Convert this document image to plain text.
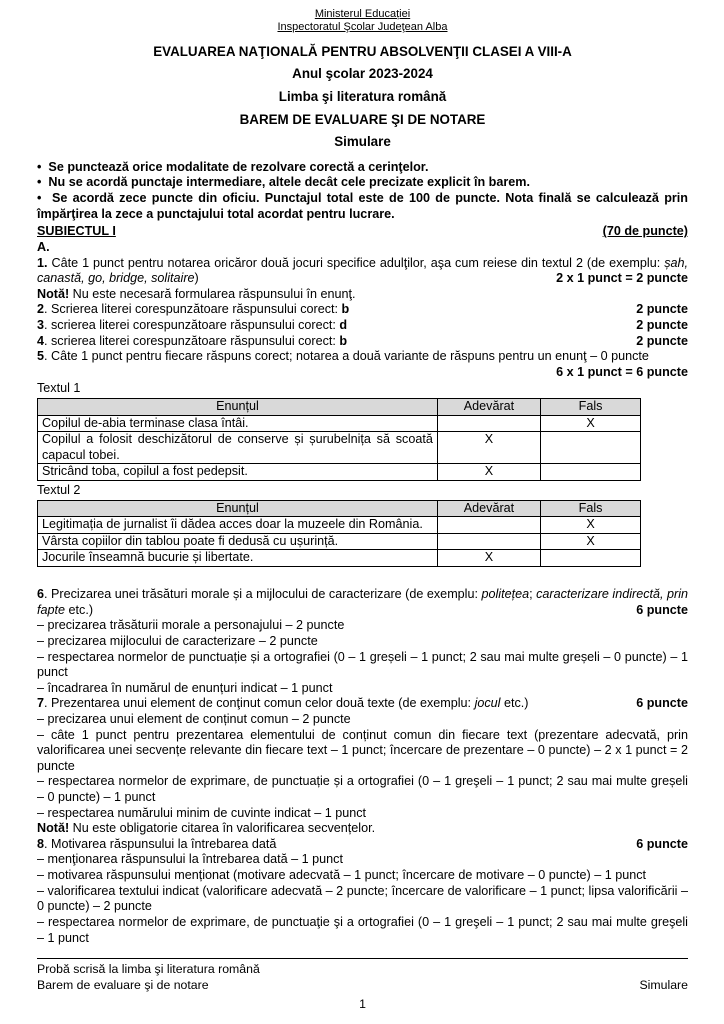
Ministerul Educației
Inspectoratul Şcolar Judeţean Alba
EVALUAREA NAŢIONALĂ PENTRU ABSOLVENŢII CLASEI A VIII-A
Anul şcolar 2023-2024
Limba şi literatura română
BAREM DE EVALUARE ŞI DE NOTARE
Simulare
•  Se punctează orice modalitate de rezolvare corectă a cerinţelor.
•  Nu se acordă punctaje intermediare, altele decât cele precizate explicit în barem.
•  Se acordă zece puncte din oficiu. Punctajul total este de 100 de puncte. Nota finală se calculează prin împărţirea la zece a punctajului total acordat pentru lucrare.
SUBIECTUL I	(70 de puncte)
A.
1. Câte 1 punct pentru notarea oricăror două jocuri specifice adulţilor, aşa cum reiese din textul 2 (de exemplu: șah, canastă, go, bridge, solitaire)	2 x 1 punct = 2 puncte
Notă! Nu este necesară formularea răspunsului în enunţ.
2. Scrierea literei corespunzătoare răspunsului corect: b	2 puncte
3. scrierea literei corespunzătoare răspunsului corect: d	2 puncte
4. scrierea literei corespunzătoare răspunsului corect: b	2 puncte
5. Câte 1 punct pentru fiecare răspuns corect; notarea a două variante de răspuns pentru un enunţ – 0 puncte
6 x 1 punct = 6 puncte
Textul 1
Enunțul	Adevărat	Fals
Copilul de-abia terminase clasa întâi.		X
Copilul a folosit deschizătorul de conserve și șurubelnița să scoată capacul tobei.	X	
Stricând toba, copilul a fost pedepsit.	X	
Textul 2
Enunțul	Adevărat	Fals
Legitimația de jurnalist îi dădea acces doar la muzeele din România.		X
Vârsta copiilor din tablou poate fi dedusă cu ușurință.		X
Jocurile înseamnă bucurie și libertate.	X	
6. Precizarea unei trăsături morale și a mijlocului de caracterizare (de exemplu: politețea; caracterizare indirectă, prin fapte etc.)	6 puncte
– precizarea trăsăturii morale a personajului – 2 puncte
– precizarea mijlocului de caracterizare – 2 puncte
– respectarea normelor de punctuație și a ortografiei (0 – 1 greșeli – 1 punct; 2 sau mai multe greșeli – 0 puncte) – 1 punct
– încadrarea în numărul de enunțuri indicat – 1 punct
7. Prezentarea unui element de conţinut comun celor două texte (de exemplu: jocul etc.)	6 puncte
– precizarea unui element de conținut comun – 2 puncte
– câte 1 punct pentru prezentarea elementului de conținut comun din fiecare text (prezentare adecvată, prin valorificarea unei secvențe relevante din fiecare text – 1 punct; încercare de prezentare – 0 puncte) – 2 x 1 punct = 2 puncte
– respectarea normelor de exprimare, de punctuație și a ortografiei (0 – 1 greşeli – 1 punct; 2 sau mai multe greșeli – 0 puncte) – 1 punct
– respectarea numărului minim de cuvinte indicat – 1 punct
Notă! Nu este obligatorie citarea în valorificarea secvențelor.
8. Motivarea răspunsului la întrebarea dată	6 puncte
– menţionarea răspunsului la întrebarea dată – 1 punct
– motivarea răspunsului menționat (motivare adecvată – 1 punct; încercare de motivare – 0 puncte) – 1 punct
– valorificarea textului indicat (valorificare adecvată – 2 puncte; încercare de valorificare – 1 punct; lipsa valorificării – 0 puncte) – 2 puncte
– respectarea normelor de exprimare, de punctuaţie şi a ortografiei (0 – 1 greşeli – 1 punct; 2 sau mai multe greşeli – 1 punct
Probă scrisă la limba şi literatura română
Barem de evaluare şi de notare	Simulare
1
